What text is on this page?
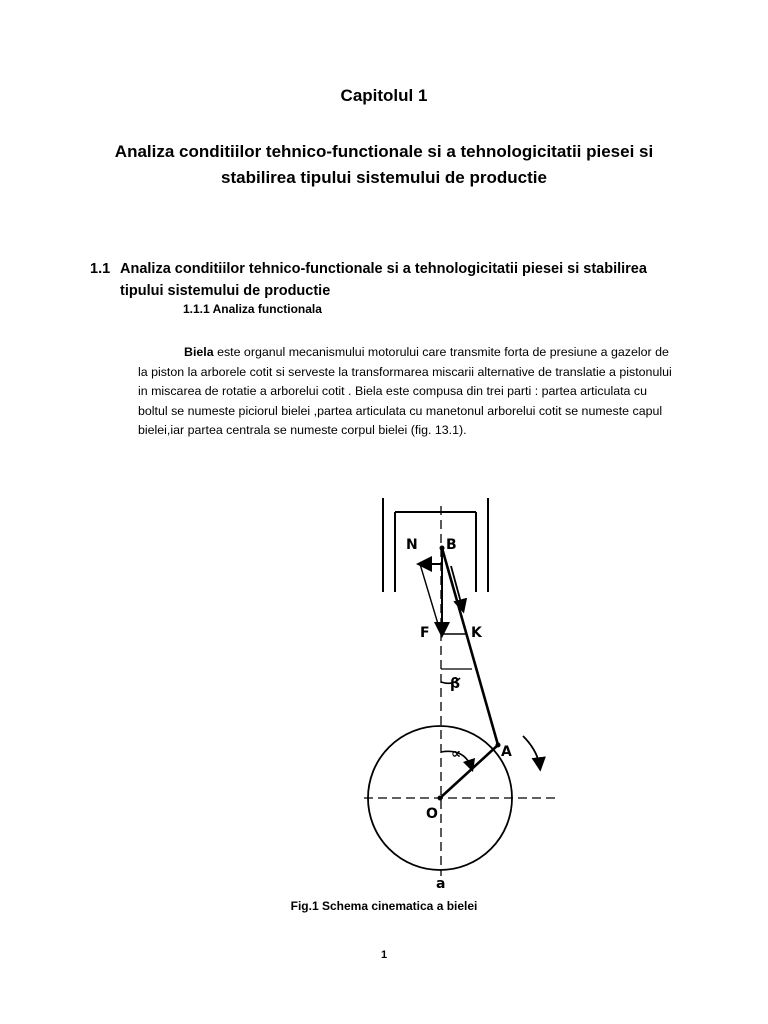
Capitolul 1
Analiza conditiilor tehnico-functionale si a tehnologicitatii piesei si stabilirea tipului sistemului de productie
1.1 Analiza conditiilor tehnico-functionale si a tehnologicitatii piesei si stabilirea tipului sistemului de productie
1.1.1 Analiza functionala
Biela este organul mecanismului motorului care transmite forta de presiune a gazelor de la piston la arborele cotit si serveste la transformarea miscarii alternative de translatie a pistonului in miscarea de rotatie a arborelui cotit . Biela este compusa din trei parti : partea articulata cu boltul se numeste piciorul bielei ,partea articulata cu manetonul arborelui cotit se numeste capul bielei,iar partea centrala se numeste corpul bielei (fig. 13.1).
N B
F	K
β
∝	A
O
a
Fig.1 Schema cinematica a bielei
1
